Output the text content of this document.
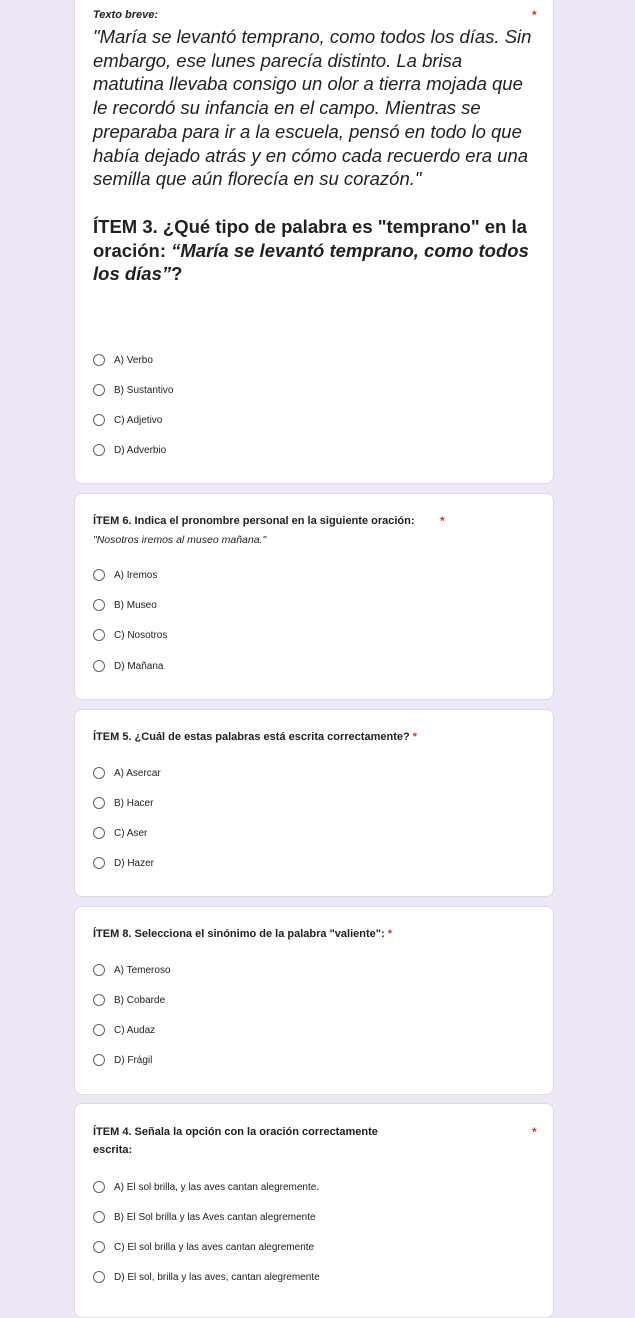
Texto breve:	*

"María se levantó temprano, como todos los días. Sin embargo, ese lunes parecía distinto. La brisa matutina llevaba consigo un olor a tierra mojada que le recordó su infancia en el campo. Mientras se preparaba para ir a la escuela, pensó en todo lo que había dejado atrás y en cómo cada recuerdo era una semilla que aún florecía en su corazón."

ÍTEM 3. ¿Qué tipo de palabra es "temprano" en la oración: “María se levantó temprano, como todos los días”?

A) Verbo
B) Sustantivo
C) Adjetivo
D) Adverbio
ÍTEM 6. Indica el pronombre personal en la siguiente oración: *
"Nosotros iremos al museo mañana."
A) Iremos
B) Museo
C) Nosotros
D) Mañana
ÍTEM 5. ¿Cuál de estas palabras está escrita correctamente? *
A) Asercar
B) Hacer
C) Aser
D) Hazer
ÍTEM 8. Selecciona el sinónimo de la palabra "valiente": *
A) Temeroso
B) Cobarde
C) Audaz
D) Frágil
ÍTEM 4. Señala la opción con la oración correctamente
escrita:
*
A) El sol brilla, y las aves cantan alegremente.
B) El Sol brilla y las Aves cantan alegremente
C) El sol brilla y las aves cantan alegremente
D) El sol, brilla y las aves, cantan alegremente
